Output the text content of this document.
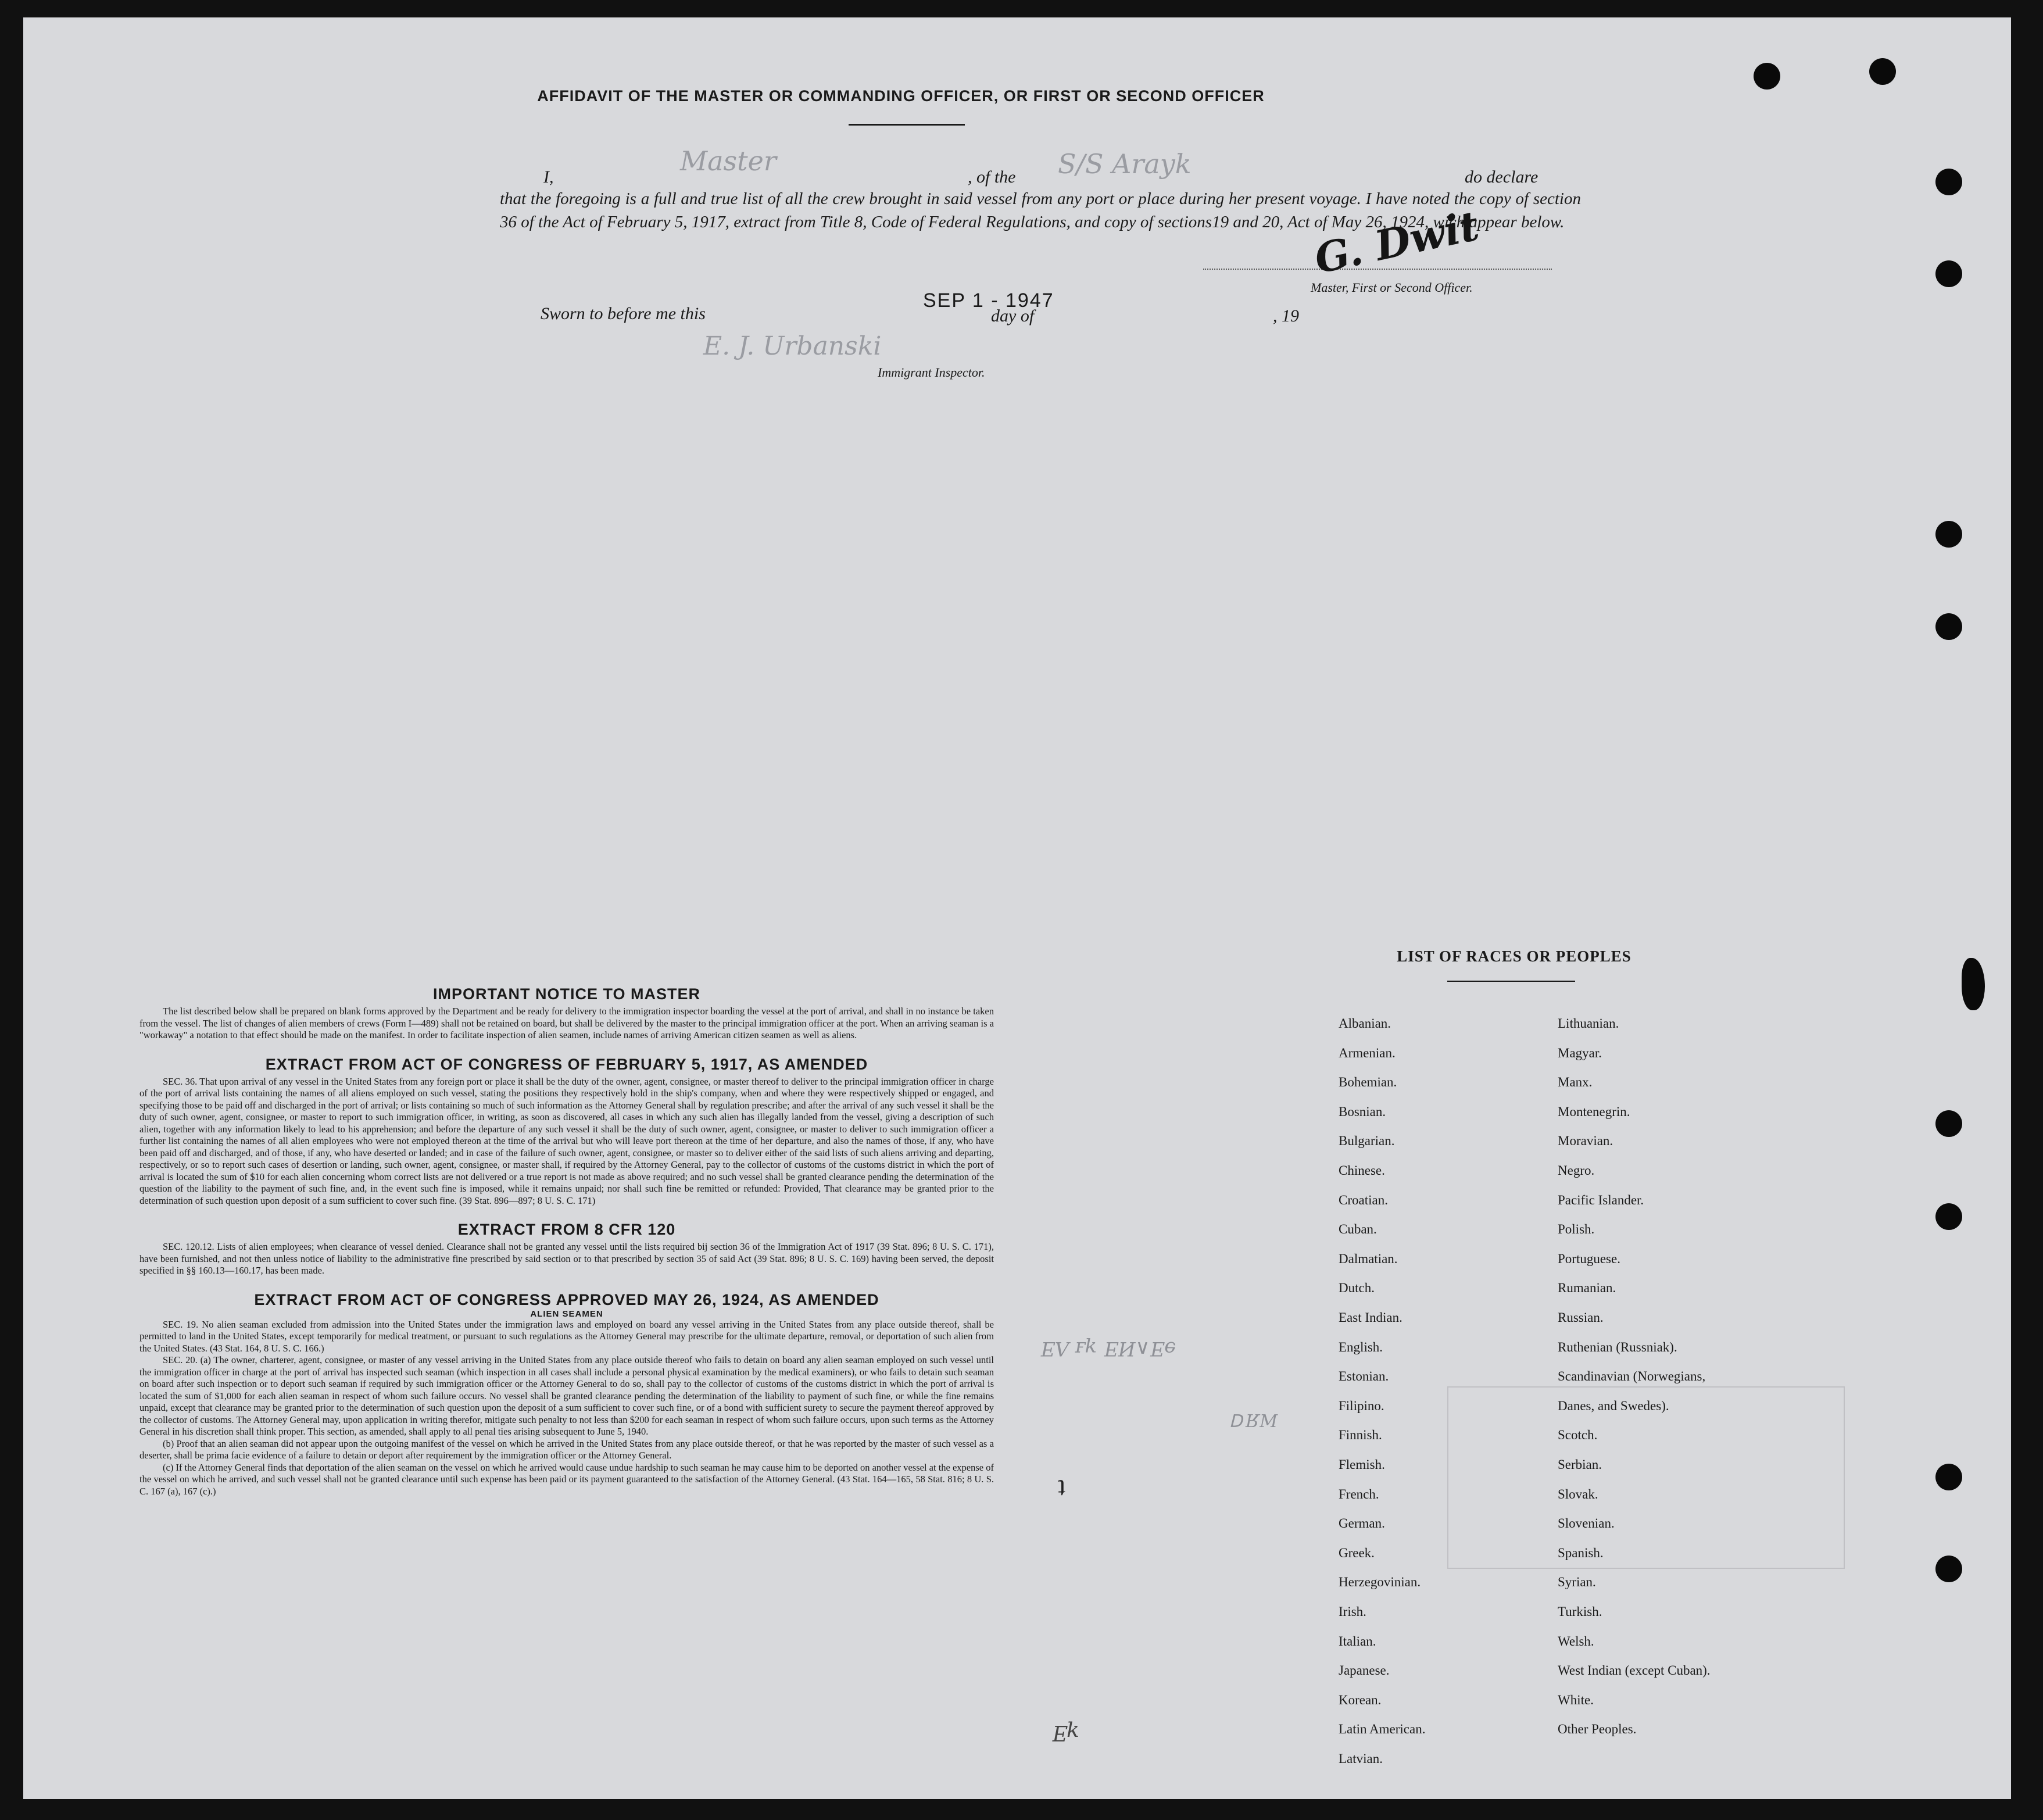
AFFIDAVIT OF THE MASTER OR COMMANDING OFFICER, OR FIRST OR SECOND OFFICER
I,
Master
, of the S/S Arayk	do declare
that the foregoing is a full and true list of all the crew brought in said vessel from any port or place during her present voyage. I have noted the copy of section 36 of the Act of February 5, 1917, extract from Title 8, Code of Federal Regulations, and copy of sections19 and 20, Act of May 26, 1924, wich appear below.
G. Dwit
Master, First or Second Officer.
Sworn to before me this
SEP 1 - 1947
day of	, 19
E. J. Urbanski
Immigrant Inspector.
IMPORTANT NOTICE TO MASTER
The list described below shall be prepared on blank forms approved by the Department and be ready for delivery to the immigration inspector boarding the vessel at the port of arrival, and shall in no instance be taken from the vessel. The list of changes of alien members of crews (Form I—489) shall not be retained on board, but shall be delivered by the master to the principal immigration officer at the port. When an arriving seaman is a "workaway" a notation to that effect should be made on the manifest. In order to facilitate inspection of alien seamen, include names of arriving American citizen seamen as well as aliens.
EXTRACT FROM ACT OF CONGRESS OF FEBRUARY 5, 1917, AS AMENDED
SEC. 36. That upon arrival of any vessel in the United States from any foreign port or place it shall be the duty of the owner, agent, consignee, or master thereof to deliver to the principal immigration officer in charge of the port of arrival lists containing the names of all aliens employed on such vessel, stating the positions they respectively hold in the ship's company, when and where they were respectively shipped or engaged, and specifying those to be paid off and discharged in the port of arrival; or lists containing so much of such information as the Attorney General shall by regulation prescribe; and after the arrival of any such vessel it shall be the duty of such owner, agent, consignee, or master to report to such immigration officer, in writing, as soon as discovered, all cases in which any such alien has illegally landed from the vessel, giving a description of such alien, together with any information likely to lead to his apprehension; and before the departure of any such vessel it shall be the duty of such owner, agent, consignee, or master to deliver to such immigration officer a further list containing the names of all alien employees who were not employed thereon at the time of the arrival but who will leave port thereon at the time of her departure, and also the names of those, if any, who have been paid off and discharged, and of those, if any, who have deserted or landed; and in case of the failure of such owner, agent, consignee, or master so to deliver either of the said lists of such aliens arriving and departing, respectively, or so to report such cases of desertion or landing, such owner, agent, consignee, or master shall, if required by the Attorney General, pay to the collector of customs of the customs district in which the port of arrival is located the sum of $10 for each alien concerning whom correct lists are not delivered or a true report is not made as above required; and no such vessel shall be granted clearance pending the determination of the question of the liability to the payment of such fine, and, in the event such fine is imposed, while it remains unpaid; nor shall such fine be remitted or refunded: Provided, That clearance may be granted prior to the determination of such question upon deposit of a sum sufficient to cover such fine. (39 Stat. 896—897; 8 U. S. C. 171)
EXTRACT FROM 8 CFR 120
SEC. 120.12. Lists of alien employees; when clearance of vessel denied. Clearance shall not be granted any vessel until the lists required bij section 36 of the Immigration Act of 1917 (39 Stat. 896; 8 U. S. C. 171), have been furnished, and not then unless notice of liability to the administrative fine prescribed by said section or to that prescribed by section 35 of said Act (39 Stat. 896; 8 U. S. C. 169) having been served, the deposit specified in §§ 160.13—160.17, has been made.
EXTRACT FROM ACT OF CONGRESS APPROVED MAY 26, 1924, AS AMENDED
ALIEN SEAMEN
SEC. 19. No alien seaman excluded from admission into the United States under the immigration laws and employed on board any vessel arriving in the United States from any place outside thereof, shall be permitted to land in the United States, except temporarily for medical treatment, or pursuant to such regulations as the Attorney General may prescribe for the ultimate departure, removal, or deportation of such alien from the United States. (43 Stat. 164, 8 U. S. C. 166.)
SEC. 20. (a) The owner, charterer, agent, consignee, or master of any vessel arriving in the United States from any place outside thereof who fails to detain on board any alien seaman employed on such vessel until the immigration officer in charge at the port of arrival has inspected such seaman (which inspection in all cases shall include a personal physical examination by the medical examiners), or who fails to detain such seaman on board after such inspection or to deport such seaman if required by such immigration officer or the Attorney General to do so, shall pay to the collector of customs of the customs district in which the port of arrival is located the sum of $1,000 for each alien seaman in respect of whom such failure occurs. No vessel shall be granted clearance pending the determination of the liability to payment of such fine, or while the fine remains unpaid, except that clearance may be granted prior to the determination of such question upon the deposit of a sum sufficient to cover such fine, or of a bond with sufficient surety to secure the payment thereof approved by the collector of customs. The Attorney General may, upon application in writing therefor, mitigate such penalty to not less than $200 for each seaman in respect of whom such failure occurs, upon such terms as the Attorney General in his discretion shall think proper. This section, as amended, shall apply to all penal ties arising subsequent to June 5, 1940.
(b) Proof that an alien seaman did not appear upon the outgoing manifest of the vessel on which he arrived in the United States from any place outside thereof, or that he was reported by the master of such vessel as a deserter, shall be prima facie evidence of a failure to detain or deport after requirement by the immigration officer or the Attorney General.
(c) If the Attorney General finds that deportation of the alien seaman on the vessel on which he arrived would cause undue hardship to such seaman he may cause him to be deported on another vessel at the expense of the vessel on which he arrived, and such vessel shall not be granted clearance until such expense has been paid or its payment guaranteed to the satisfaction of the Attorney General. (43 Stat. 164—165, 58 Stat. 816; 8 U. S. C. 167 (a), 167 (c).)
ɘƎ∧ИƎ ʞⅎ ɅƎ
ꟽЯꓷ
ʇ
ʞƎ
LIST OF RACES OR PEOPLES
Albanian.
Armenian.
Bohemian.
Bosnian.
Bulgarian.
Chinese.
Croatian.
Cuban.
Dalmatian.
Dutch.
East Indian.
English.
Estonian.
Filipino.
Finnish.
Flemish.
French.
German.
Greek.
Herzegovinian.
Irish.
Italian.
Japanese.
Korean.
Latin American.
Latvian.
Lithuanian.
Magyar.
Manx.
Montenegrin.
Moravian.
Negro.
Pacific Islander.
Polish.
Portuguese.
Rumanian.
Russian.
Ruthenian (Russniak).
Scandinavian (Norwegians,
Danes, and Swedes).
Scotch.
Serbian.
Slovak.
Slovenian.
Spanish.
Syrian.
Turkish.
Welsh.
West Indian (except Cuban).
White.
Other Peoples.
